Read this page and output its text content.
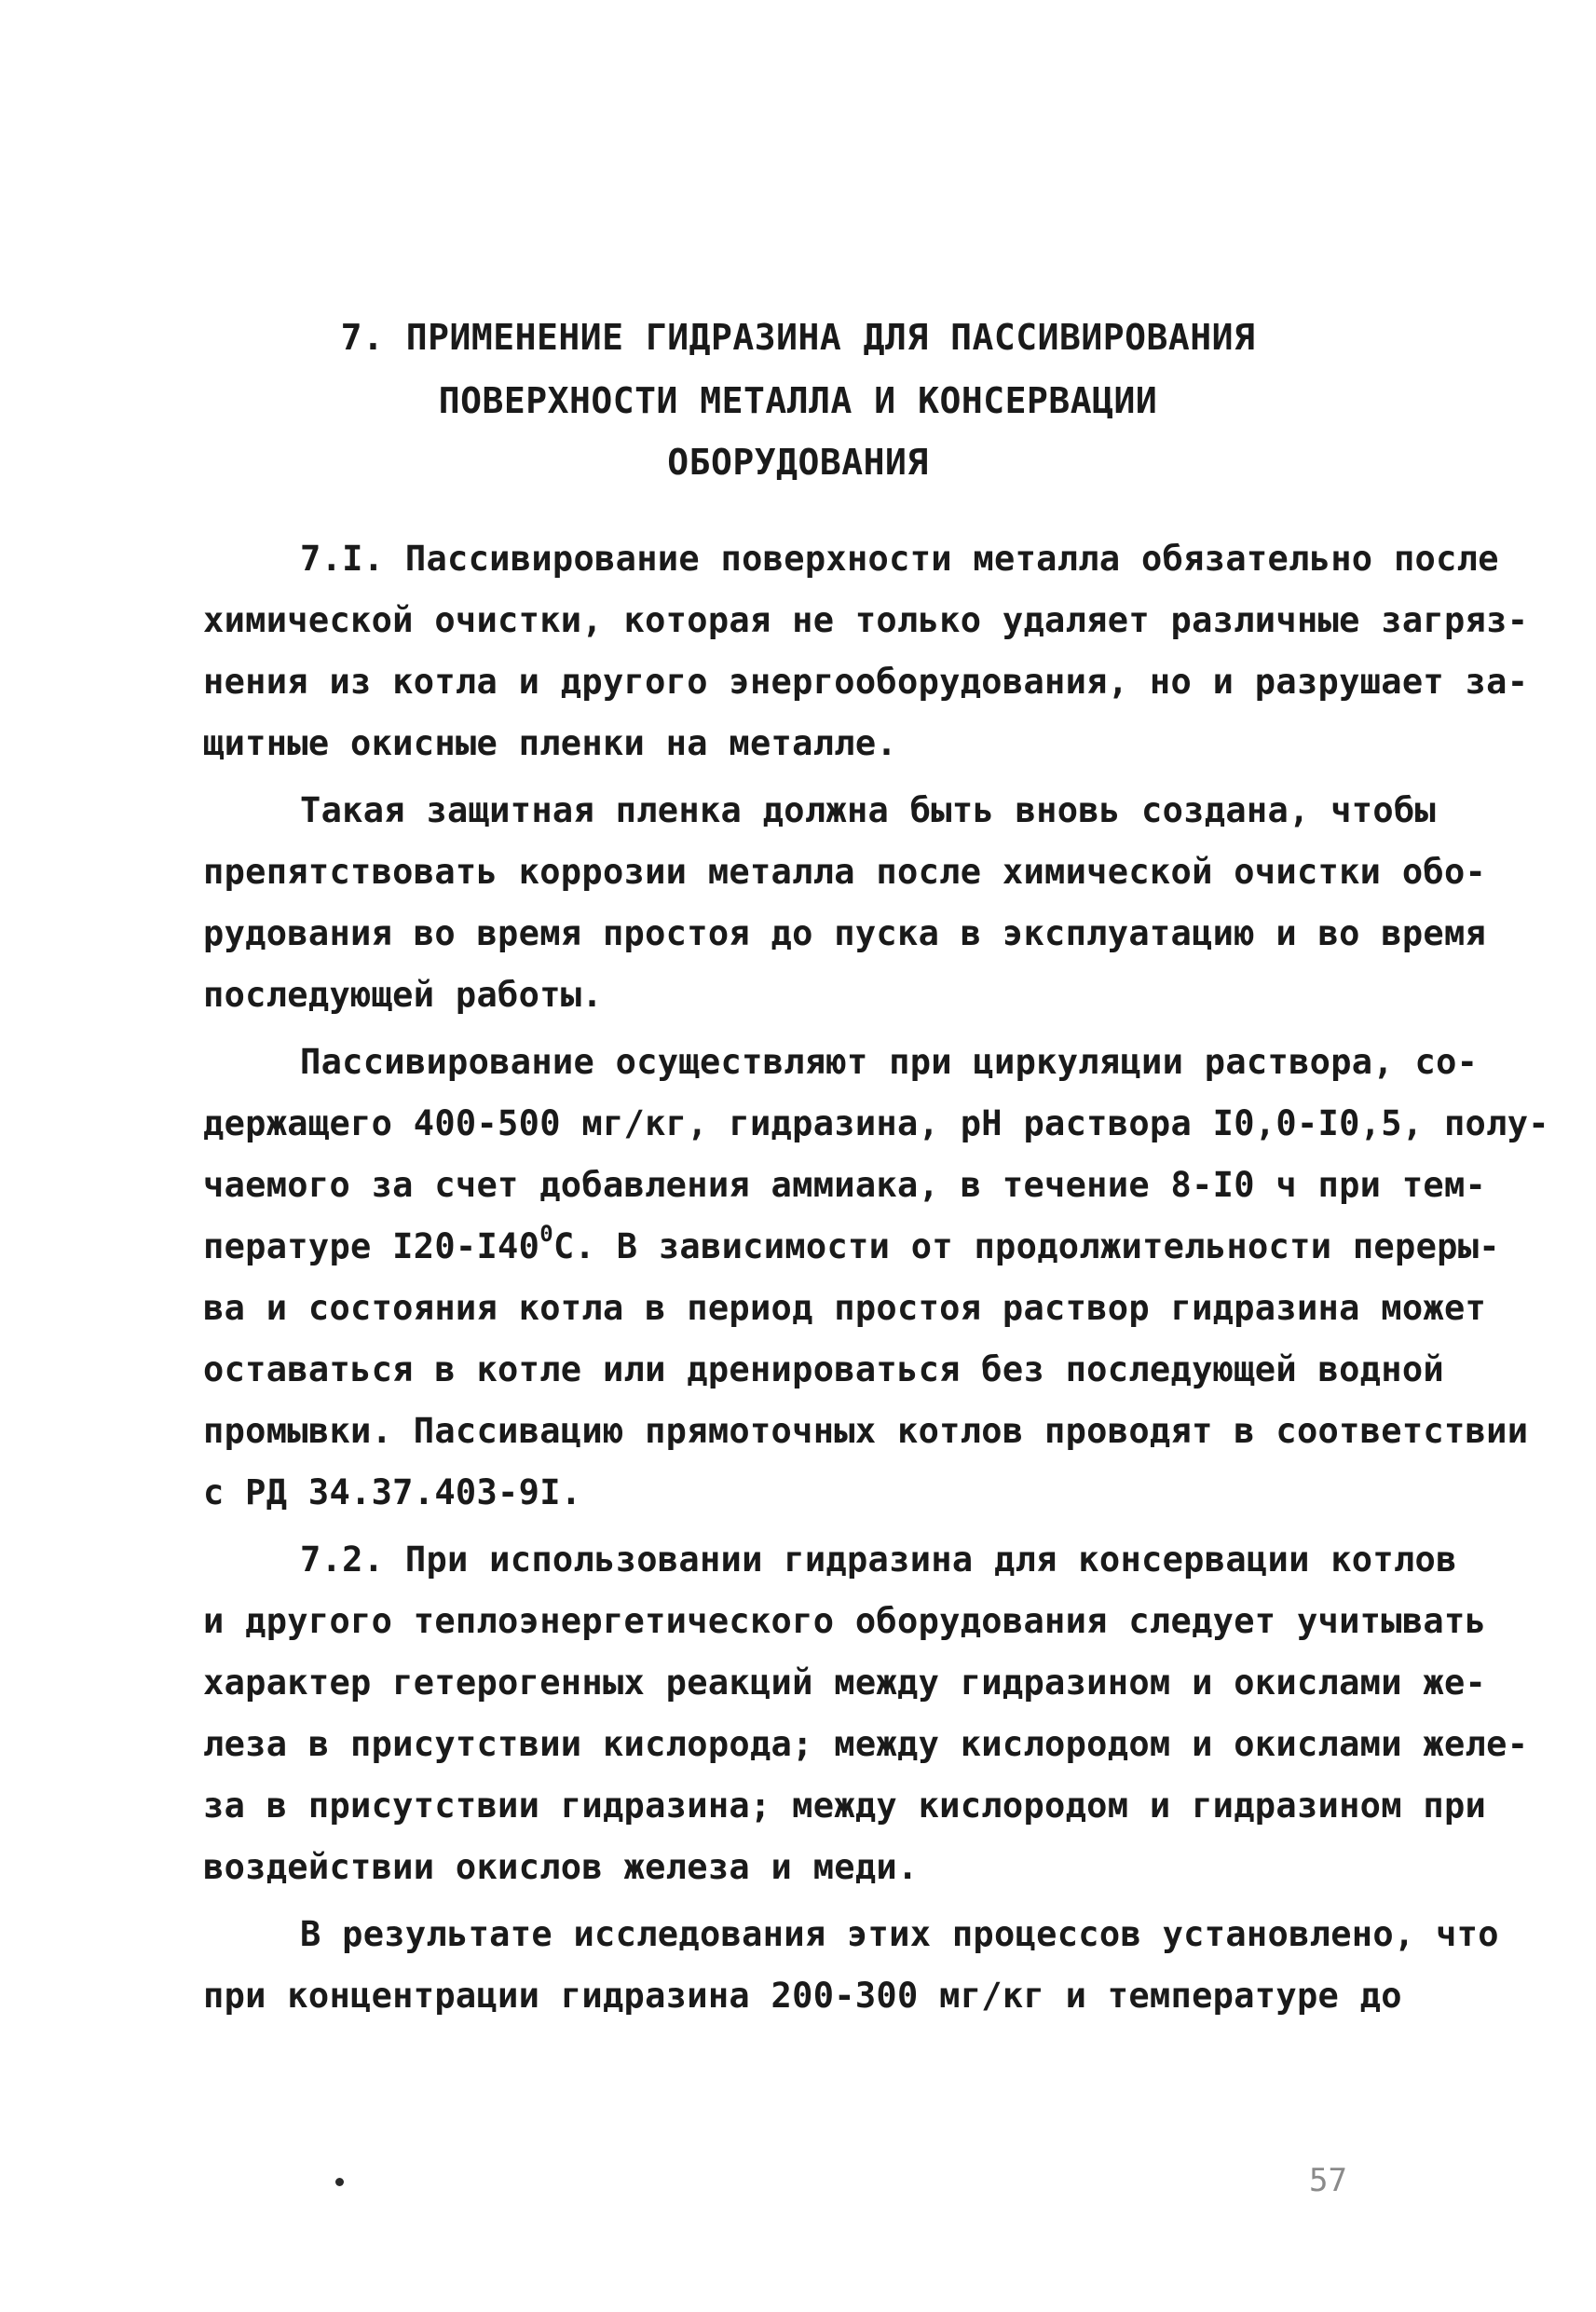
7. ПРИМЕНЕНИЕ ГИДРАЗИНА ДЛЯ ПАССИВИРОВАНИЯ
ПОВЕРХНОСТИ МЕТАЛЛА И КОНСЕРВАЦИИ
ОБОРУДОВАНИЯ
7.I. Пассивирование поверхности металла обязательно после
химической очистки, которая не только удаляет различные загряз-
нения из котла и другого энергооборудования, но и разрушает за-
щитные окисные пленки на металле.
Такая защитная пленка должна быть вновь создана, чтобы
препятствовать коррозии металла после химической очистки обо-
рудования во время простоя до пуска в эксплуатацию и во время
последующей работы.
Пассивирование осуществляют при циркуляции раствора, со-
держащего 400-500 мг/кг, гидразина, рН раствора I0,0-I0,5, полу-
чаемого за счет добавления аммиака, в течение 8-I0 ч при тем-
пературе $I20-I40^0С$. В зависимости от продолжительности переры-
ва и состояния котла в период простоя раствор гидразина может
оставаться в котле или дренироваться без последующей водной
промывки. Пассивацию прямоточных котлов проводят в соответствии
с РД 34.37.403-9I.
7.2. При использовании гидразина для консервации котлов
и другого теплоэнергетического оборудования следует учитывать
характер гетерогенных реакций между гидразином и окислами же-
леза в присутствии кислорода; между кислородом и окислами желе-
за в присутствии гидразина; между кислородом и гидразином при
воздействии окислов железа и меди.
В результате исследования этих процессов установлено, что
при концентрации гидразина 200-300 мг/кг и температуре до
57
